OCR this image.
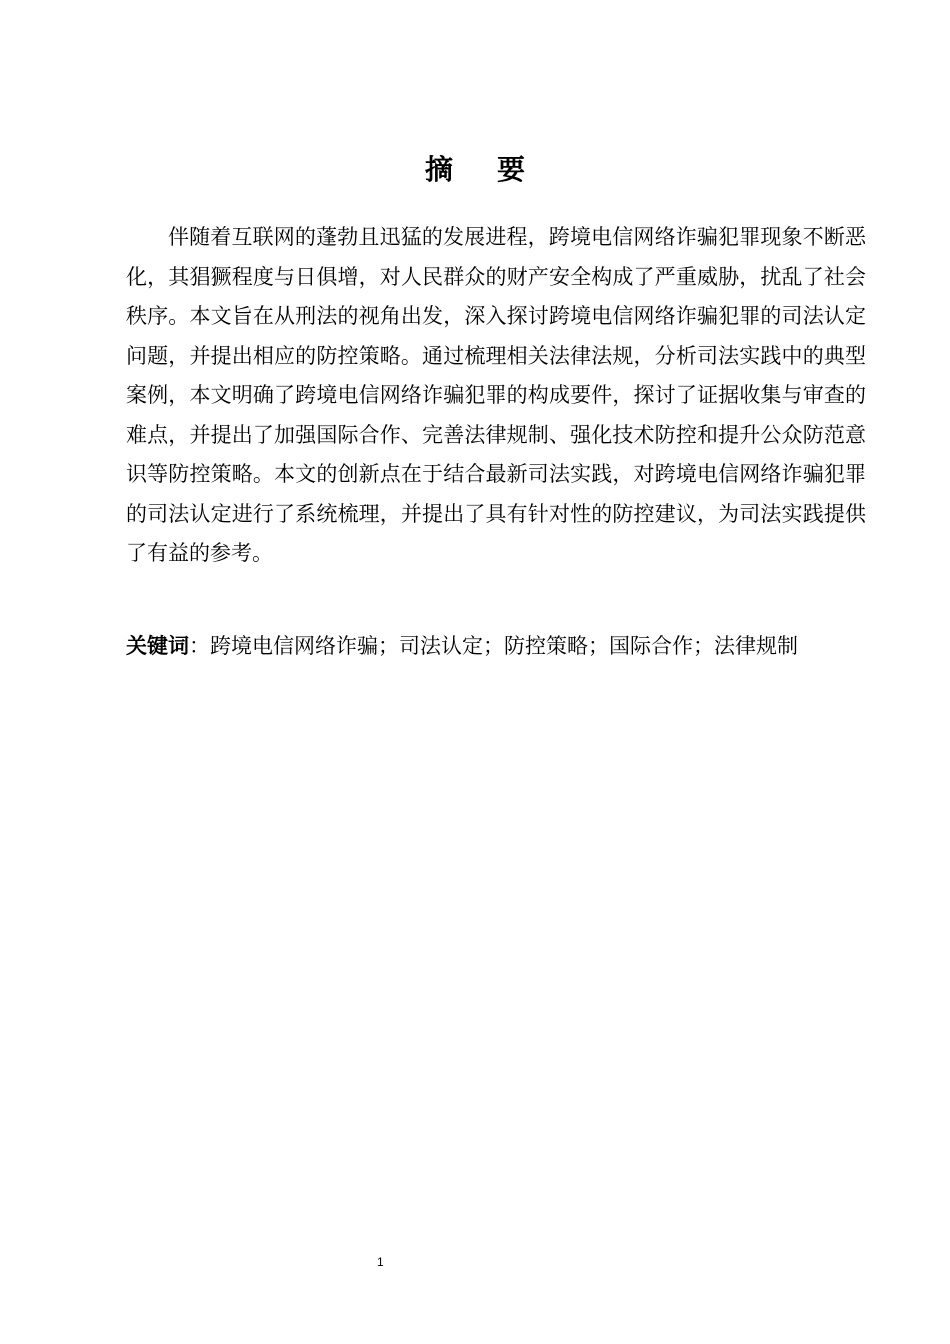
摘 要

伴随着互联网的蓬勃且迅猛的发展进程，跨境电信网络诈骗犯罪现象不断恶化，其猖獗程度与日俱增，对人民群众的财产安全构成了严重威胁，扰乱了社会秩序。本文旨在从刑法的视角出发，深入探讨跨境电信网络诈骗犯罪的司法认定问题，并提出相应的防控策略。通过梳理相关法律法规，分析司法实践中的典型案例，本文明确了跨境电信网络诈骗犯罪的构成要件，探讨了证据收集与审查的难点，并提出了加强国际合作、完善法律规制、强化技术防控和提升公众防范意识等防控策略。本文的创新点在于结合最新司法实践，对跨境电信网络诈骗犯罪的司法认定进行了系统梳理，并提出了具有针对性的防控建议，为司法实践提供了有益的参考。

关键词：跨境电信网络诈骗；司法认定；防控策略；国际合作；法律规制
1
